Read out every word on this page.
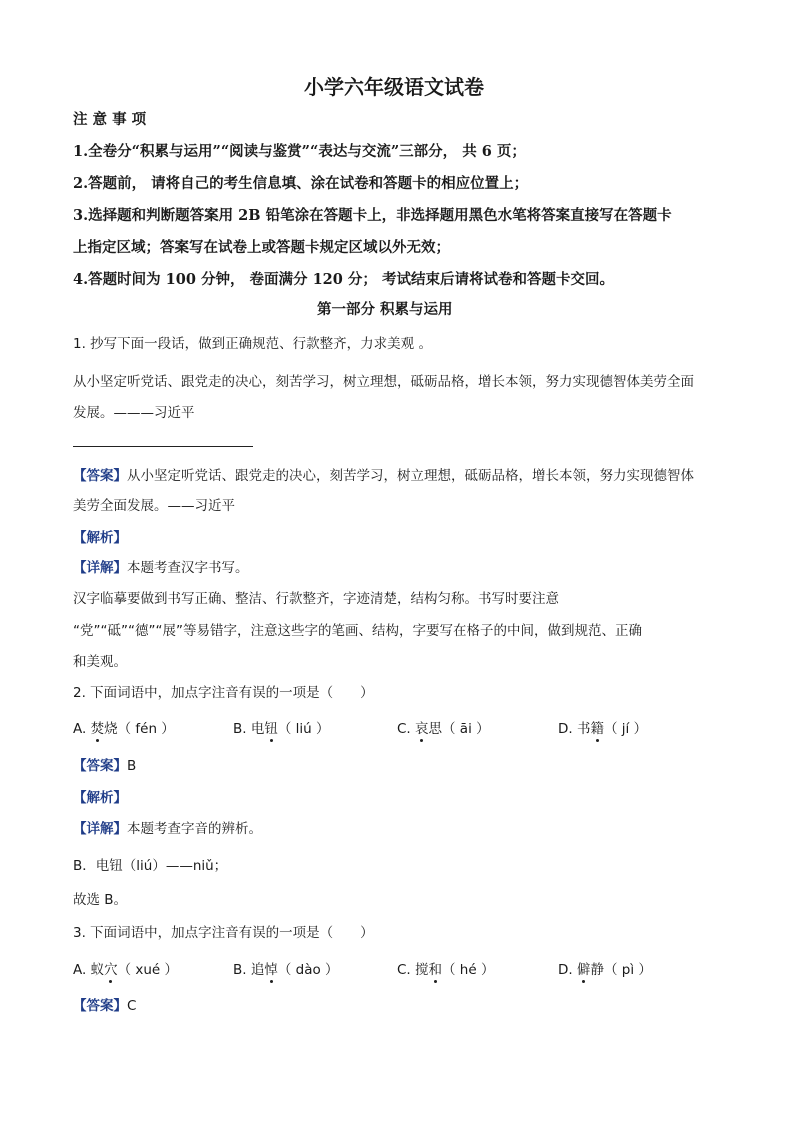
小学六年级语文试卷
注 意 事 项
1.全卷分“积累与运用”“阅读与鉴赏”“表达与交流”三部分， 共 6 页；
2.答题前， 请将自己的考生信息填、涂在试卷和答题卡的相应位置上；
3.选择题和判断题答案用 2B 铅笔涂在答题卡上，非选择题用黑色水笔将答案直接写在答题卡
上指定区域；答案写在试卷上或答题卡规定区域以外无效；
4.答题时间为 100 分钟， 卷面满分 120 分； 考试结束后请将试卷和答题卡交回。
第一部分 积累与运用
1. 抄写下面一段话，做到正确规范、行款整齐，力求美观 。
从小坚定听党话、跟党走的决心，刻苦学习，树立理想，砥砺品格，增长本领，努力实现德智体美劳全面
发展。———习近平
【答案】从小坚定听党话、跟党走的决心，刻苦学习，树立理想，砥砺品格，增长本领，努力实现德智体
美劳全面发展。——习近平
【解析】
【详解】本题考查汉字书写。
汉字临摹要做到书写正确、整洁、行款整齐，字迹清楚，结构匀称。书写时要注意
“党”“砥”“德”“展”等易错字，注意这些字的笔画、结构，字要写在格子的中间，做到规范、正确
和美观。
2. 下面词语中，加点字注音有误的一项是（　　）
A. 焚烧（ fén ）	B. 电钮（ liú ）	C. 哀思（ āi ）	D. 书籍（ jí ）
【答案】B
【解析】
【详解】本题考查字音的辨析。
B．电钮（liú）——niǔ；
故选 B。
3. 下面词语中，加点字注音有误的一项是（　　）
A. 蚁穴（ xué ）	B. 追悼（ dào ）	C. 搅和（ hé ）	D. 僻静（ pì ）
【答案】C
